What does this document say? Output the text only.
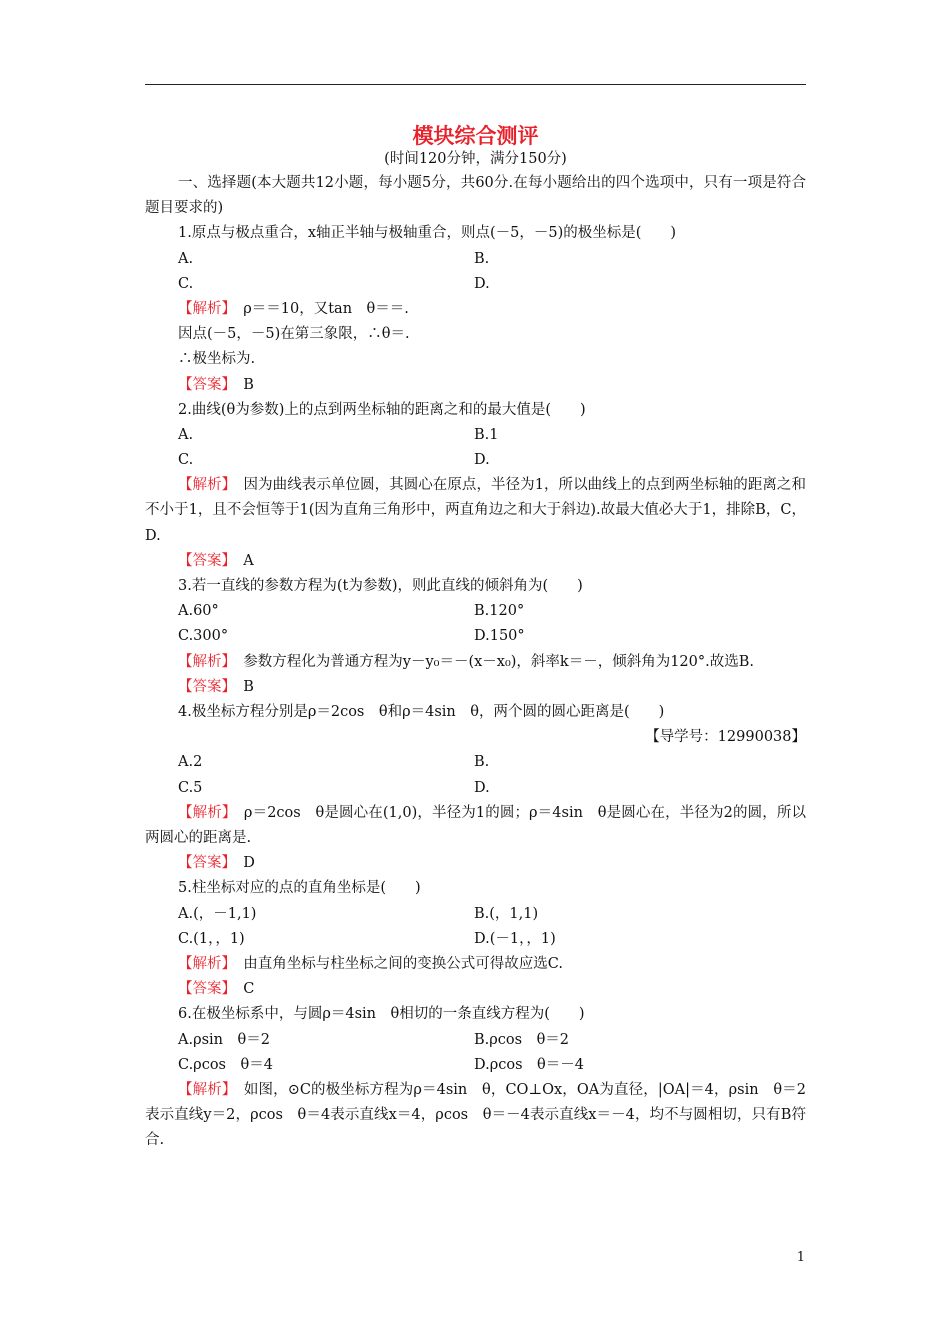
模块综合测评
(时间120分钟，满分150分)
一、选择题(本大题共12小题，每小题5分，共60分.在每小题给出的四个选项中，只有一项是符合题目要求的)
1.原点与极点重合，x轴正半轴与极轴重合，则点(－5，－5)的极坐标是(　　)
A.	B.
C.	D.
【解析】　 ρ＝＝10，又tan　θ＝＝.
因点(－5，－5)在第三象限，∴θ＝.
∴极坐标为.
【答案】　 B
2.曲线(θ为参数)上的点到两坐标轴的距离之和的最大值是(　　)
A.	B.1
C.	D.
【解析】　 因为曲线表示单位圆，其圆心在原点，半径为1，所以曲线上的点到两坐标轴的距离之和不小于1，且不会恒等于1(因为直角三角形中，两直角边之和大于斜边).故最大值必大于1，排除B，C，D.
【答案】　 A
3.若一直线的参数方程为(t为参数)，则此直线的倾斜角为(　　)
A.60°	B.120°
C.300°	D.150°
【解析】　 参数方程化为普通方程为y－y₀＝－(x－x₀)，斜率k＝－，倾斜角为120°.故选B.
【答案】　 B
4.极坐标方程分别是ρ＝2cos　θ和ρ＝4sin　θ，两个圆的圆心距离是(　　)
【导学号：12990038】
A.2	B.
C.5	D.
【解析】　 ρ＝2cos　θ是圆心在(1,0)，半径为1的圆；ρ＝4sin　θ是圆心在，半径为2的圆，所以两圆心的距离是.
【答案】　 D
5.柱坐标对应的点的直角坐标是(　　)
A.(，－1,1)	B.(，1,1)
C.(1，，1)	D.(－1，，1)
【解析】　 由直角坐标与柱坐标之间的变换公式可得故应选C.
【答案】　 C
6.在极坐标系中，与圆ρ＝4sin　θ相切的一条直线方程为(　　)
A.ρsin　θ＝2	B.ρcos　θ＝2
C.ρcos　θ＝4	D.ρcos　θ＝－4
【解析】　 如图，⊙C的极坐标方程为ρ＝4sin　θ，CO⊥Ox，OA为直径，|OA|＝4，ρsin　θ＝2表示直线y＝2，ρcos　θ＝4表示直线x＝4，ρcos　θ＝－4表示直线x＝－4，均不与圆相切，只有B符合.
1
